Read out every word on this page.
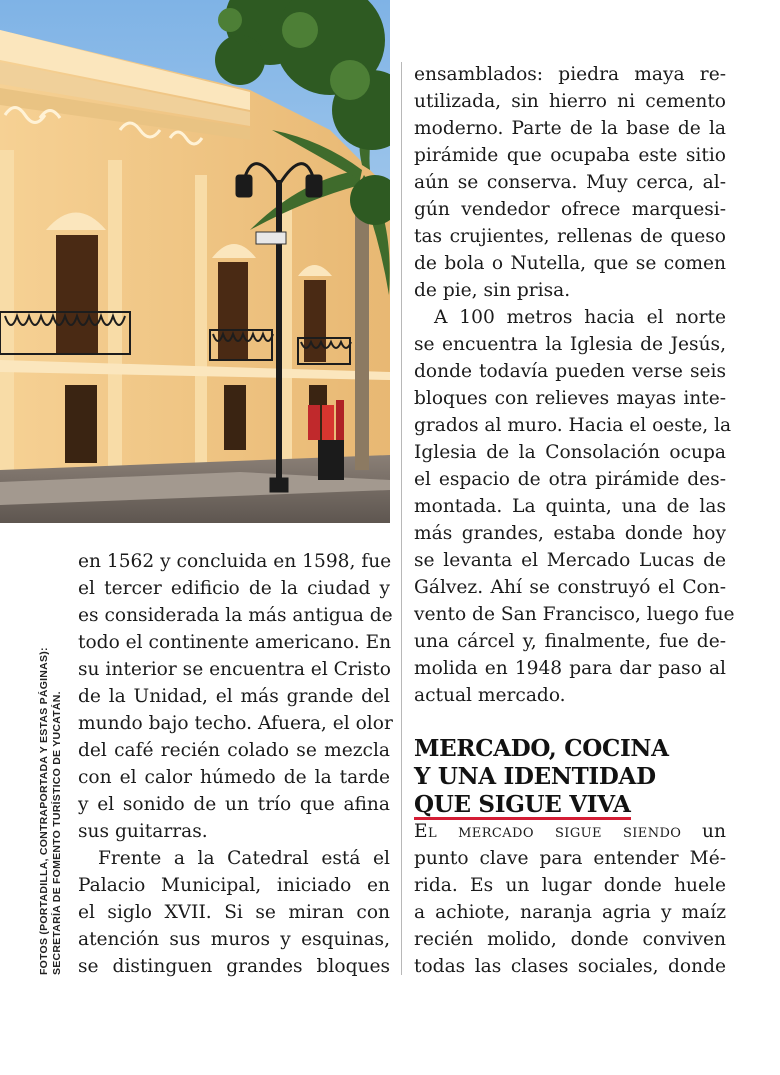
FOTOS (PORTADILLA, CONTRAPORTADA Y ESTAS PÁGINAS): SECRETARÍA DE FOMENTO TURÍSTICO DE YUCATÁN.
en 1562 y concluida en 1598, fue
el tercer edificio de la ciudad y
es considerada la más antigua de
todo el continente americano. En
su interior se encuentra el Cristo
de la Unidad, el más grande del
mundo bajo techo. Afuera, el olor
del café recién colado se mezcla
con el calor húmedo de la tarde
y el sonido de un trío que afina
sus guitarras.
Frente a la Catedral está el
Palacio Municipal, iniciado en
el siglo XVII. Si se miran con
atención sus muros y esquinas,
se distinguen grandes bloques
ensamblados: piedra maya re-
utilizada, sin hierro ni cemento
moderno. Parte de la base de la
pirámide que ocupaba este sitio
aún se conserva. Muy cerca, al-
gún vendedor ofrece marquesi-
tas crujientes, rellenas de queso
de bola o Nutella, que se comen
de pie, sin prisa.
A 100 metros hacia el norte
se encuentra la Iglesia de Jesús,
donde todavía pueden verse seis
bloques con relieves mayas inte-
grados al muro. Hacia el oeste, la
Iglesia de la Consolación ocupa
el espacio de otra pirámide des-
montada. La quinta, una de las
más grandes, estaba donde hoy
se levanta el Mercado Lucas de
Gálvez. Ahí se construyó el Con-
vento de San Francisco, luego fue
una cárcel y, finalmente, fue de-
molida en 1948 para dar paso al
actual mercado.
MERCADO, COCINA
Y UNA IDENTIDAD
QUE SIGUE VIVA
El mercado sigue siendo un
punto clave para entender Mé-
rida. Es un lugar donde huele
a achiote, naranja agria y maíz
recién molido, donde conviven
todas las clases sociales, donde
